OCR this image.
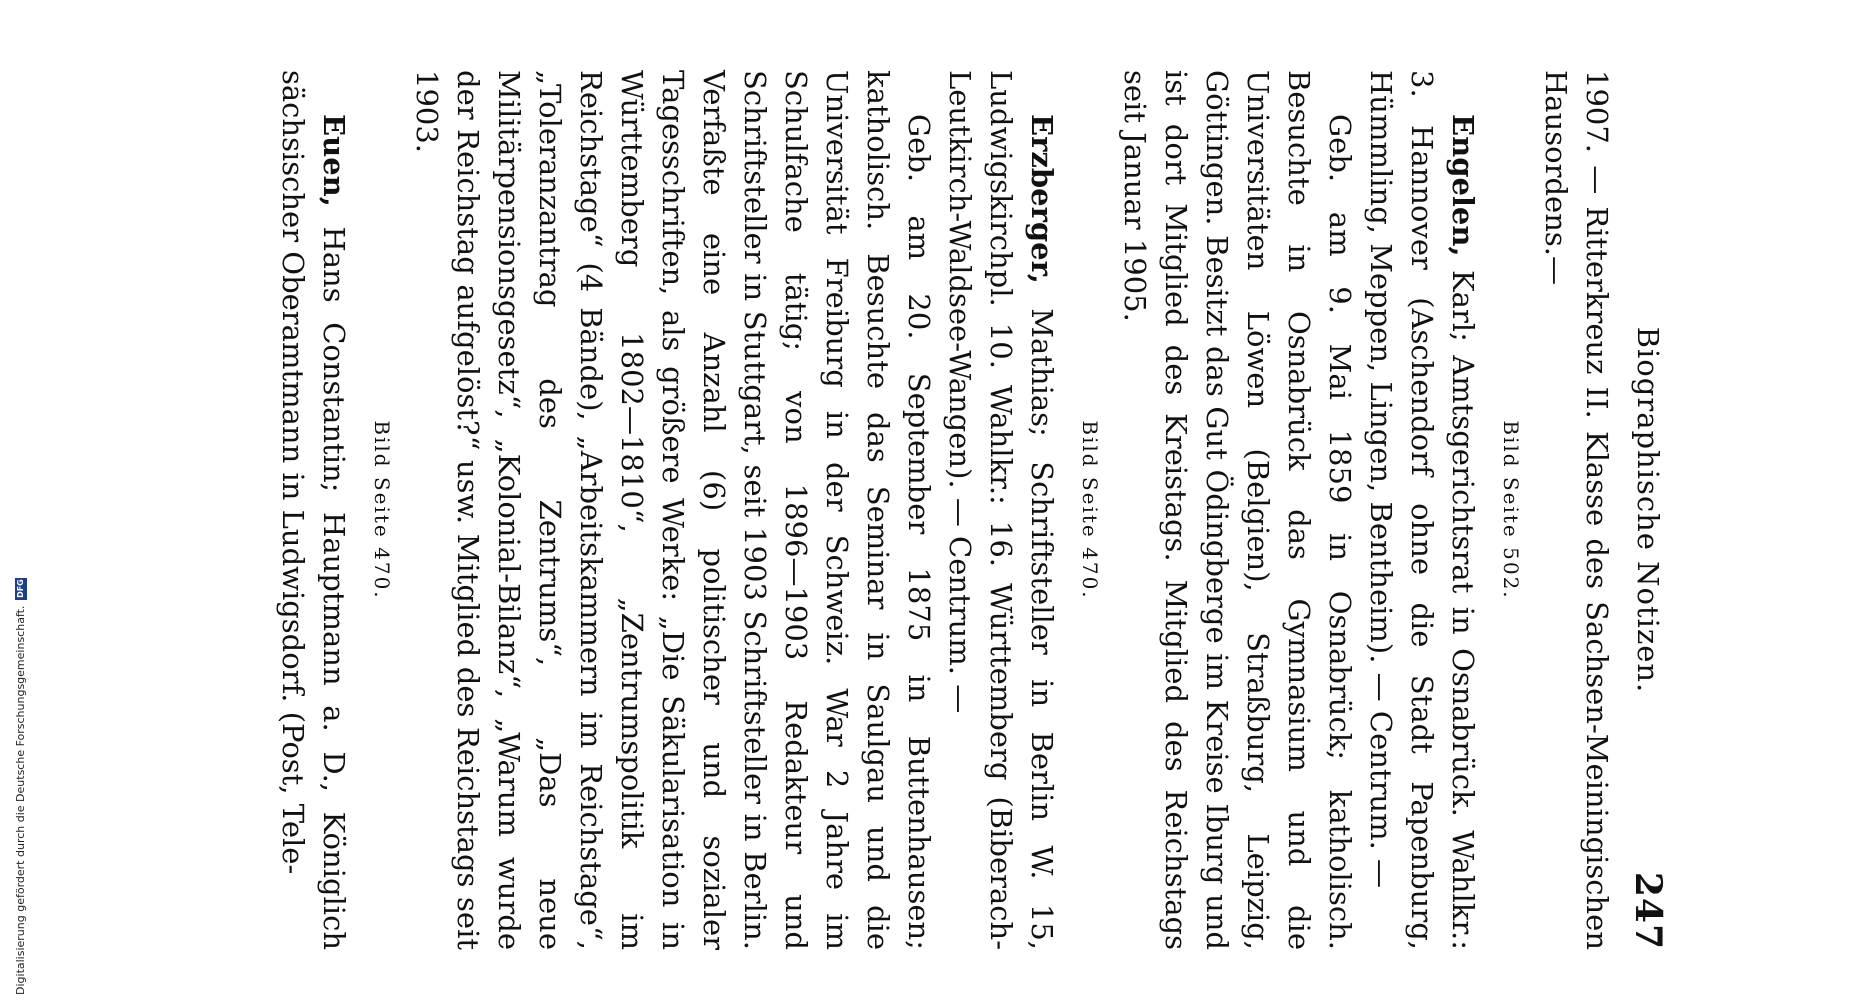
Biographische Notizen.
247

1907. — Ritterkreuz II. Klasse des Sachsen-Meiningischen Hausordens.—

Bild Seite 502.

Engelen, Karl; Amtsgerichtsrat in Osnabrück. Wahlkr.: 3. Hannover (Aschendorf ohne die Stadt Papenburg, Hümmling, Meppen, Lingen, Bentheim). — Centrum. —

Geb. am 9. Mai 1859 in Osnabrück; katholisch. Besuchte in Osnabrück das Gymnasium und die Universitäten Löwen (Belgien), Straßburg, Leipzig, Göttingen. Besitzt das Gut Ödingberge im Kreise Iburg und ist dort Mitglied des Kreistags. Mitglied des Reichstags seit Januar 1905.

Bild Seite 470.

Erzberger, Mathias; Schriftsteller in Berlin W. 15, Ludwigskirchpl. 10. Wahlkr.: 16. Württemberg (Biberach-Leutkirch-Waldsee-Wangen). — Centrum. —

Geb. am 20. September 1875 in Buttenhausen; katholisch. Besuchte das Seminar in Saulgau und die Universität Freiburg in der Schweiz. War 2 Jahre im Schulfache tätig; von 1896—1903 Redakteur und Schriftsteller in Stuttgart, seit 1903 Schriftsteller in Berlin. Verfaßte eine Anzahl (6) politischer und sozialer Tagesschriften, als größere Werke: „Die Säkularisation in Württemberg 1802—1810“, „Zentrumspolitik im Reichstage“ (4 Bände), „Arbeitskammern im Reichstage“, „Toleranzantrag des Zentrums“, „Das neue Militärpensionsgesetz“, „Kolonial-Bilanz“, „Warum wurde der Reichstag aufgelöst?“ usw. Mitglied des Reichstags seit 1903.

Bild Seite 470.

Euen, Hans Constantin; Hauptmann a. D., Königlich sächsischer Oberamtmann in Ludwigsdorf. (Post, Tele-

Digitalisierung gefördert durch die Deutsche Forschungsgemeinschaft.
DFG
